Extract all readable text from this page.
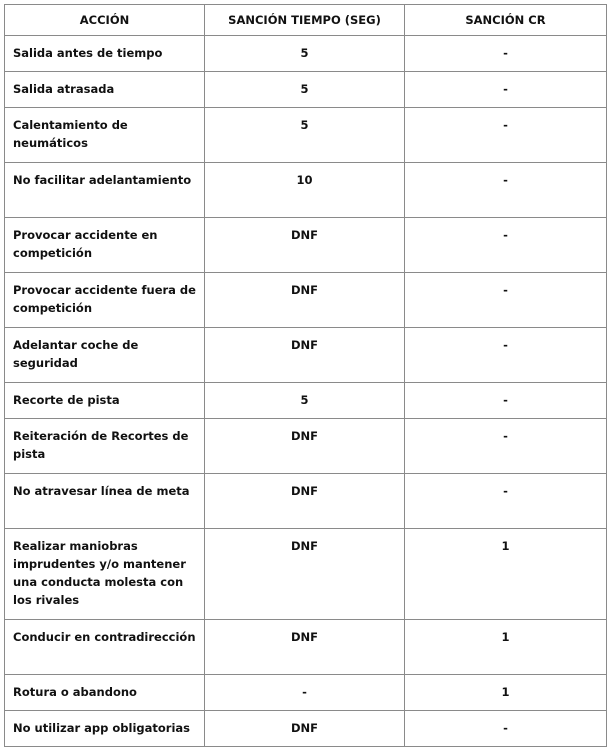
ACCIÓN	SANCIÓN TIEMPO (SEG)	SANCIÓN CR
Salida antes de tiempo	5	-
Salida atrasada	5	-
Calentamiento de neumáticos	5	-
No facilitar adelantamiento	10	-
Provocar accidente en competición	DNF	-
Provocar accidente fuera de competición	DNF	-
Adelantar coche de seguridad	DNF	-
Recorte de pista	5	-
Reiteración de Recortes de pista	DNF	-
No atravesar línea de meta	DNF	-
Realizar maniobras imprudentes y/o mantener una conducta molesta con los rivales	DNF	1
Conducir en contradirección	DNF	1
Rotura o abandono	-	1
No utilizar app obligatorias	DNF	-
